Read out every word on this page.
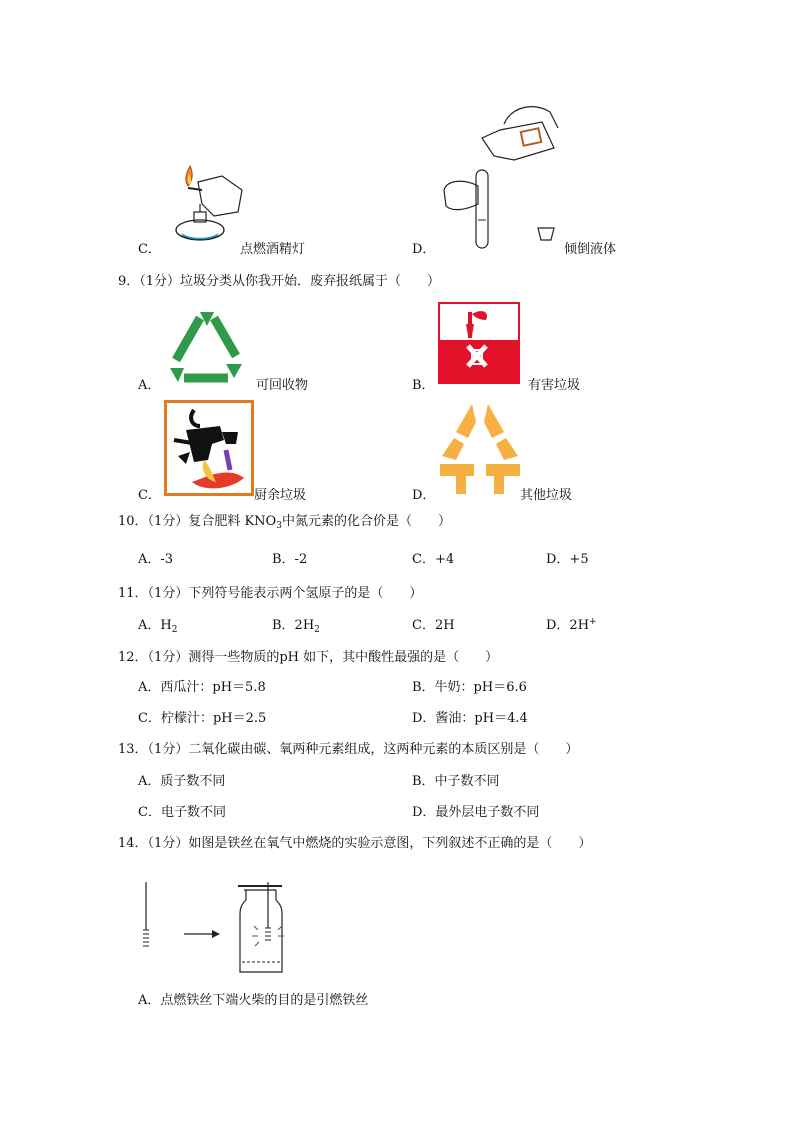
C．	点燃酒精灯	D．	倾倒液体
9．（1分）垃圾分类从你我开始．废弃报纸属于（　　）
A．	可回收物	B．	有害垃圾
C．	厨余垃圾	D．	其他垃圾
10．（1分）复合肥料 $KNO_3$中氮元素的化合价是（　　）
A．-3	B．-2	C．+4	D．+5
11．（1分）下列符号能表示两个氢原子的是（　　）
A．$H_2$	B．$2H_2$	C．2H	D．2H+
12．（1分）测得一些物质的pH 如下，其中酸性最强的是（　　）
A．西瓜汁：pH＝5.8	B．牛奶：pH＝6.6
C．柠檬汁：pH＝2.5	D．酱油：pH＝4.4
13．（1分）二氧化碳由碳、氧两种元素组成，这两种元素的本质区别是（　　）
A．质子数不同	B．中子数不同
C．电子数不同	D．最外层电子数不同
14．（1分）如图是铁丝在氧气中燃烧的实验示意图，下列叙述不正确的是（　　）
A．点燃铁丝下端火柴的目的是引燃铁丝
